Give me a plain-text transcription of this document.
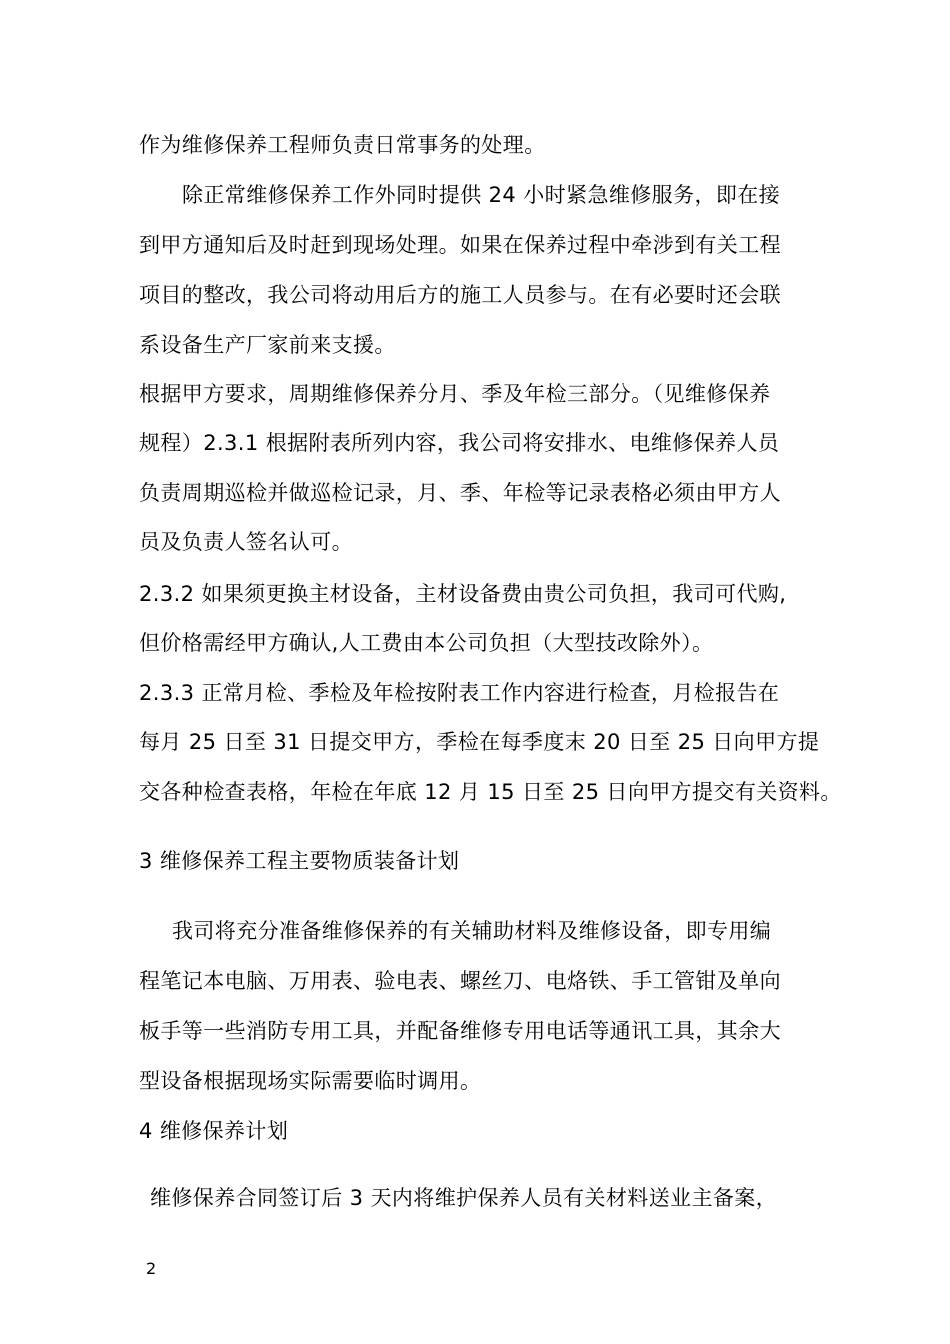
作为维修保养工程师负责日常事务的处理。
除正常维修保养工作外同时提供 24 小时紧急维修服务，即在接
到甲方通知后及时赶到现场处理。如果在保养过程中牵涉到有关工程
项目的整改，我公司将动用后方的施工人员参与。在有必要时还会联
系设备生产厂家前来支援。
根据甲方要求，周期维修保养分月、季及年检三部分。（见维修保养
规程）2.3.1 根据附表所列内容，我公司将安排水、电维修保养人员
负责周期巡检并做巡检记录，月、季、年检等记录表格必须由甲方人
员及负责人签名认可。
2.3.2 如果须更换主材设备，主材设备费由贵公司负担，我司可代购,
但价格需经甲方确认,人工费由本公司负担（大型技改除外）。
2.3.3 正常月检、季检及年检按附表工作内容进行检查，月检报告在
每月 25 日至 31 日提交甲方，季检在每季度末 20 日至 25 日向甲方提
交各种检查表格，年检在年底 12 月 15 日至 25 日向甲方提交有关资料。
3 维修保养工程主要物质装备计划
我司将充分准备维修保养的有关辅助材料及维修设备，即专用编
程笔记本电脑、万用表、验电表、螺丝刀、电烙铁、手工管钳及单向
板手等一些消防专用工具，并配备维修专用电话等通讯工具，其余大
型设备根据现场实际需要临时调用。
4 维修保养计划
维修保养合同签订后 3 天内将维护保养人员有关材料送业主备案，
2
